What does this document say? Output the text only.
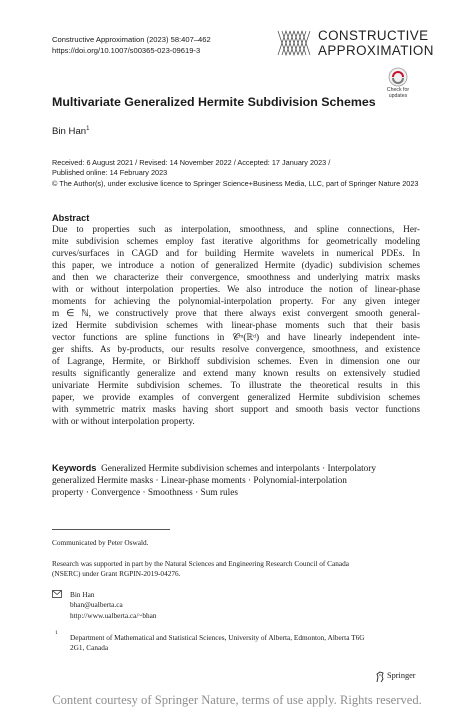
Constructive Approximation (2023) 58:407–462
https://doi.org/10.1007/s00365-023-09619-3
CONSTRUCTIVE
APPROXIMATION
Check for
updates
Multivariate Generalized Hermite Subdivision Schemes
Bin Han$^1$
Received: 6 August 2021 / Revised: 14 November 2022 / Accepted: 17 January 2023 /
Published online: 14 February 2023
© The Author(s), under exclusive licence to Springer Science+Business Media, LLC, part of Springer Nature 2023
Abstract
Due to properties such as interpolation, smoothness, and spline connections, Her-
mite subdivision schemes employ fast iterative algorithms for geometrically modeling
curves/surfaces in CAGD and for building Hermite wavelets in numerical PDEs. In
this paper, we introduce a notion of generalized Hermite (dyadic) subdivision schemes
and then we characterize their convergence, smoothness and underlying matrix masks
with or without interpolation properties. We also introduce the notion of linear-phase
moments for achieving the polynomial-interpolation property. For any given integer
m ∈ ℕ, we constructively prove that there always exist convergent smooth general-
ized Hermite subdivision schemes with linear-phase moments such that their basis
vector functions are spline functions in 𝒞ᵐ(ℝᵈ) and have linearly independent inte-
ger shifts. As by-products, our results resolve convergence, smoothness, and existence
of Lagrange, Hermite, or Birkhoff subdivision schemes. Even in dimension one our
results significantly generalize and extend many known results on extensively studied
univariate Hermite subdivision schemes. To illustrate the theoretical results in this
paper, we provide examples of convergent generalized Hermite subdivision schemes
with symmetric matrix masks having short support and smooth basis vector functions
with or without interpolation property.
Keywords Generalized Hermite subdivision schemes and interpolants · Interpolatory
generalized Hermite masks · Linear-phase moments · Polynomial-interpolation
property · Convergence · Smoothness · Sum rules
Communicated by Peter Oswald.
Research was supported in part by the Natural Sciences and Engineering Research Council of Canada
(NSERC) under Grant RGPIN-2019-04276.
Bin Han
bhan@ualberta.ca
http://www.ualberta.ca/~bhan
1 Department of Mathematical and Statistical Sciences, University of Alberta, Edmonton, Alberta T6G
2G1, Canada
Springer
Content courtesy of Springer Nature, terms of use apply. Rights reserved.
